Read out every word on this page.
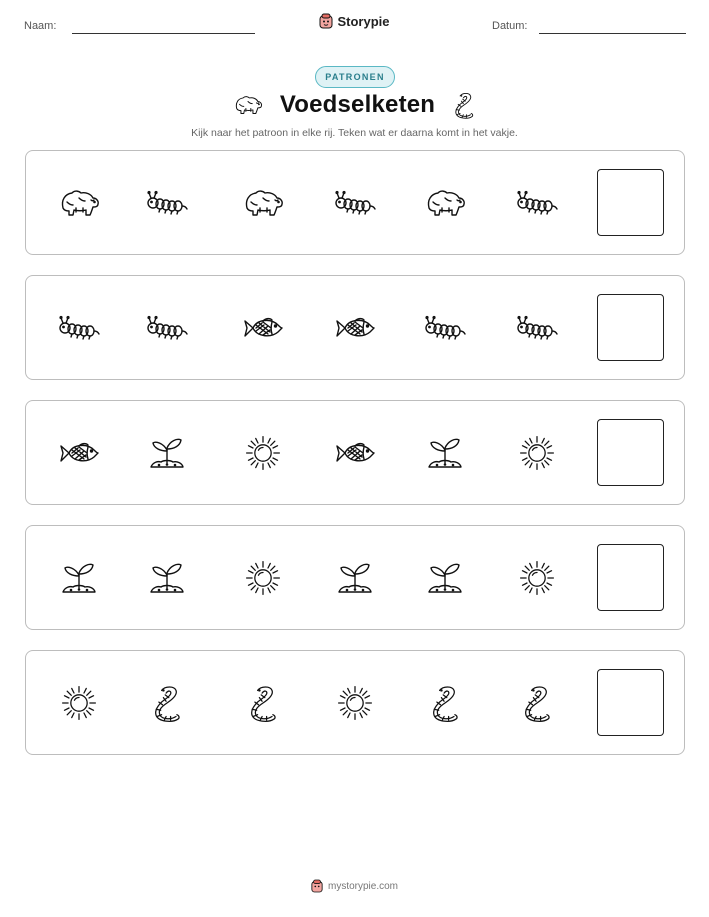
Naam:	Storypie	Datum:
PATRONEN
Voedselketen
Kijk naar het patroon in elke rij. Teken wat er daarna komt in het vakje.
mystorypie.com
